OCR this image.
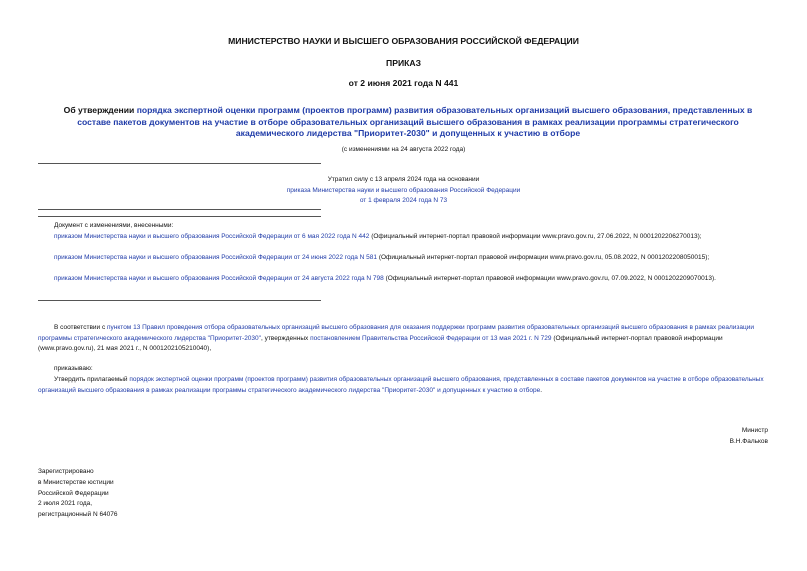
МИНИСТЕРСТВО НАУКИ И ВЫСШЕГО ОБРАЗОВАНИЯ РОССИЙСКОЙ ФЕДЕРАЦИИ
ПРИКАЗ
от 2 июня 2021 года N 441
Об утверждении порядка экспертной оценки программ (проектов программ) развития образовательных организаций высшего образования, представленных в составе пакетов документов на участие в отборе образовательных организаций высшего образования в рамках реализации программы стратегического академического лидерства "Приоритет-2030" и допущенных к участию в отборе
(с изменениями на 24 августа 2022 года)
Утратил силу с 13 апреля 2024 года на основании
приказа Министерства науки и высшего образования Российской Федерации
от 1 февраля 2024 года N 73
Документ с изменениями, внесенными:
приказом Министерства науки и высшего образования Российской Федерации от 6 мая 2022 года N 442 (Официальный интернет-портал правовой информации www.pravo.gov.ru, 27.06.2022, N 0001202206270013);
приказом Министерства науки и высшего образования Российской Федерации от 24 июня 2022 года N 581 (Официальный интернет-портал правовой информации www.pravo.gov.ru, 05.08.2022, N 0001202208050015);
приказом Министерства науки и высшего образования Российской Федерации от 24 августа 2022 года N 798 (Официальный интернет-портал правовой информации www.pravo.gov.ru, 07.09.2022, N 0001202209070013).
В соответствии с пунктом 13 Правил проведения отбора образовательных организаций высшего образования для оказания поддержки программ развития образовательных организаций высшего образования в рамках реализации программы стратегического академического лидерства "Приоритет-2030", утвержденных постановлением Правительства Российской Федерации от 13 мая 2021 г. N 729 (Официальный интернет-портал правовой информации (www.pravo.gov.ru), 21 мая 2021 г., N 0001202105210040),
приказываю:
Утвердить прилагаемый порядок экспертной оценки программ (проектов программ) развития образовательных организаций высшего образования, представленных в составе пакетов документов на участие в отборе образовательных организаций высшего образования в рамках реализации программы стратегического академического лидерства "Приоритет-2030" и допущенных к участию в отборе.
Министр
В.Н.Фальков
Зарегистрировано
в Министерстве юстиции
Российской Федерации
2 июля 2021 года,
регистрационный N 64076
